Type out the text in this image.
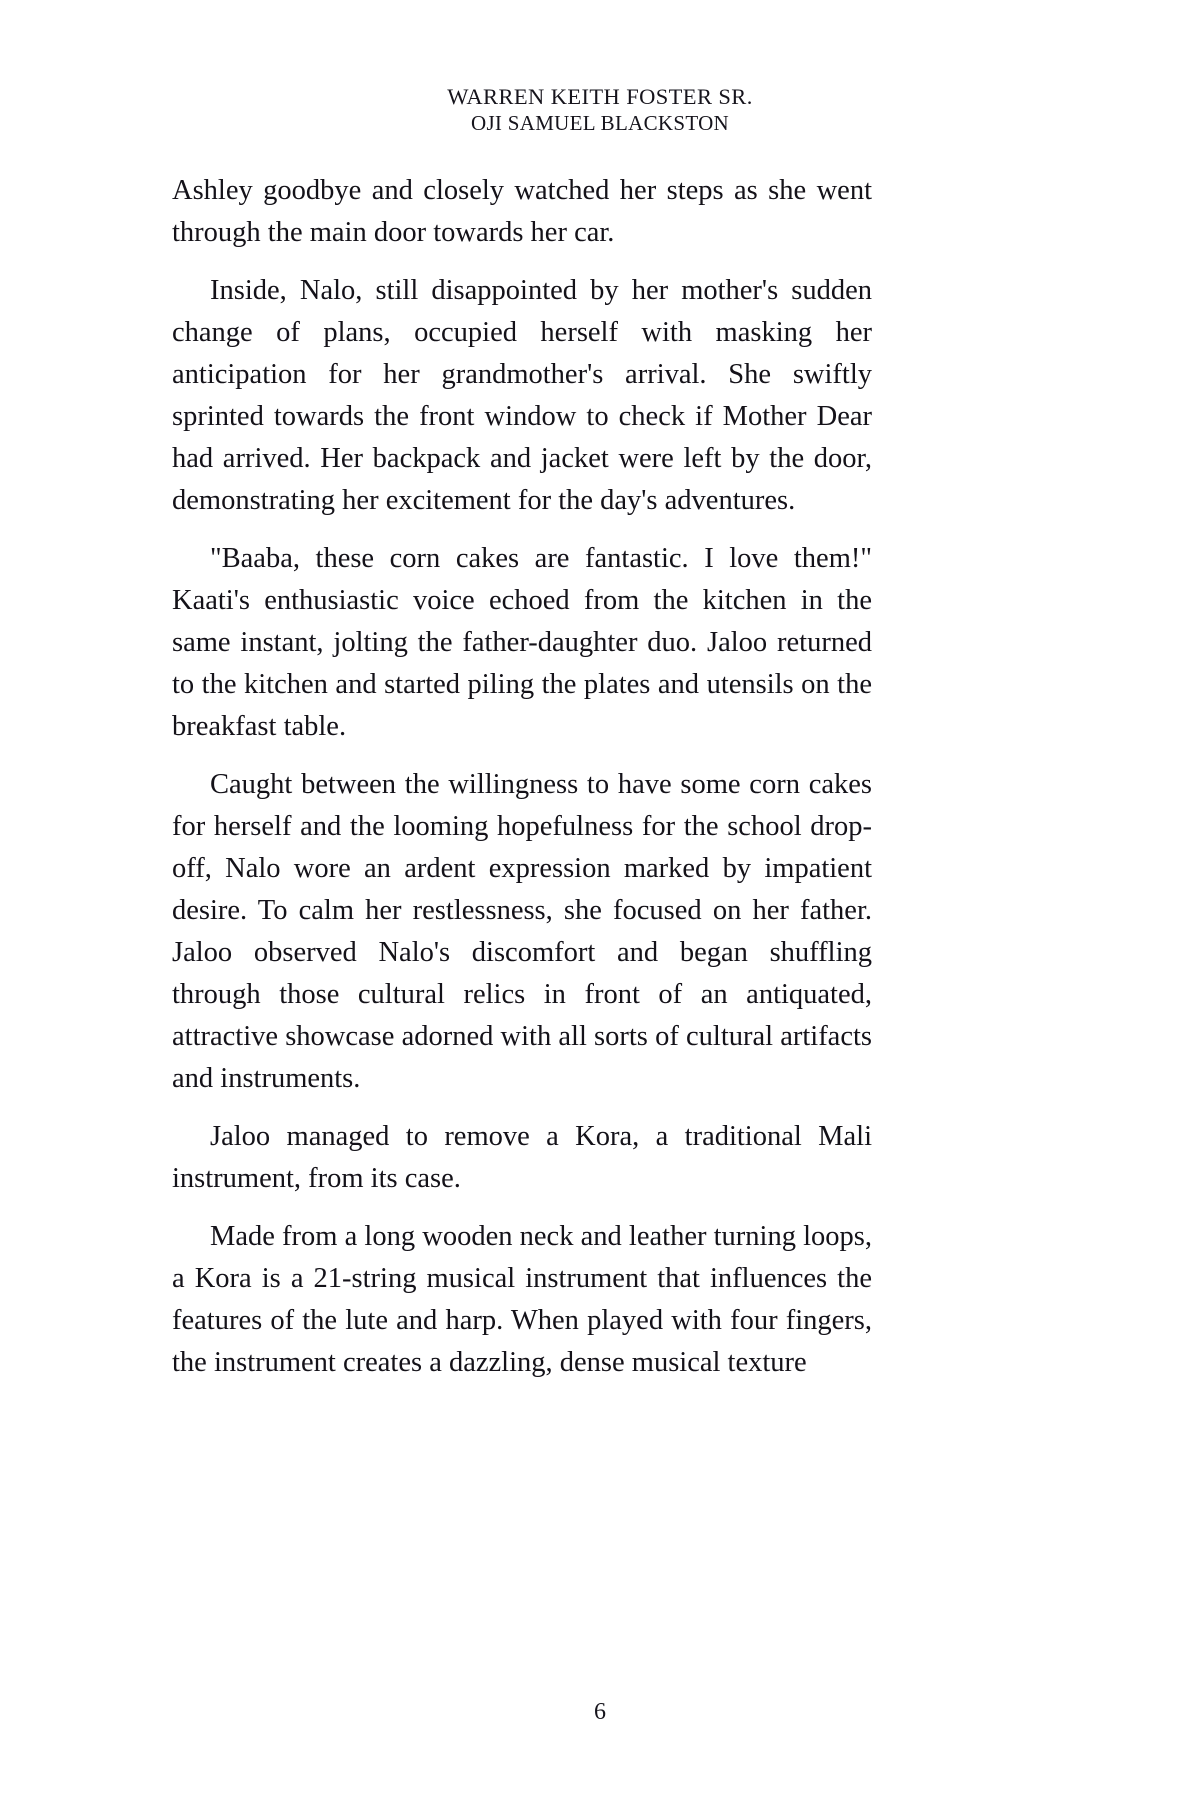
WARREN KEITH FOSTER SR.
OJI SAMUEL BLACKSTON

Ashley goodbye and closely watched her steps as she went through the main door towards her car.

Inside, Nalo, still disappointed by her mother's sudden change of plans, occupied herself with masking her anticipation for her grandmother's arrival. She swiftly sprinted towards the front window to check if Mother Dear had arrived. Her backpack and jacket were left by the door, demonstrating her excitement for the day's adventures.

"Baaba, these corn cakes are fantastic. I love them!" Kaati's enthusiastic voice echoed from the kitchen in the same instant, jolting the father-daughter duo. Jaloo returned to the kitchen and started piling the plates and utensils on the breakfast table.

Caught between the willingness to have some corn cakes for herself and the looming hopefulness for the school drop-off, Nalo wore an ardent expression marked by impatient desire. To calm her restlessness, she focused on her father. Jaloo observed Nalo's discomfort and began shuffling through those cultural relics in front of an antiquated, attractive showcase adorned with all sorts of cultural artifacts and instruments.

Jaloo managed to remove a Kora, a traditional Mali instrument, from its case.

Made from a long wooden neck and leather turning loops, a Kora is a 21-string musical instrument that influences the features of the lute and harp. When played with four fingers, the instrument creates a dazzling, dense musical texture

6
